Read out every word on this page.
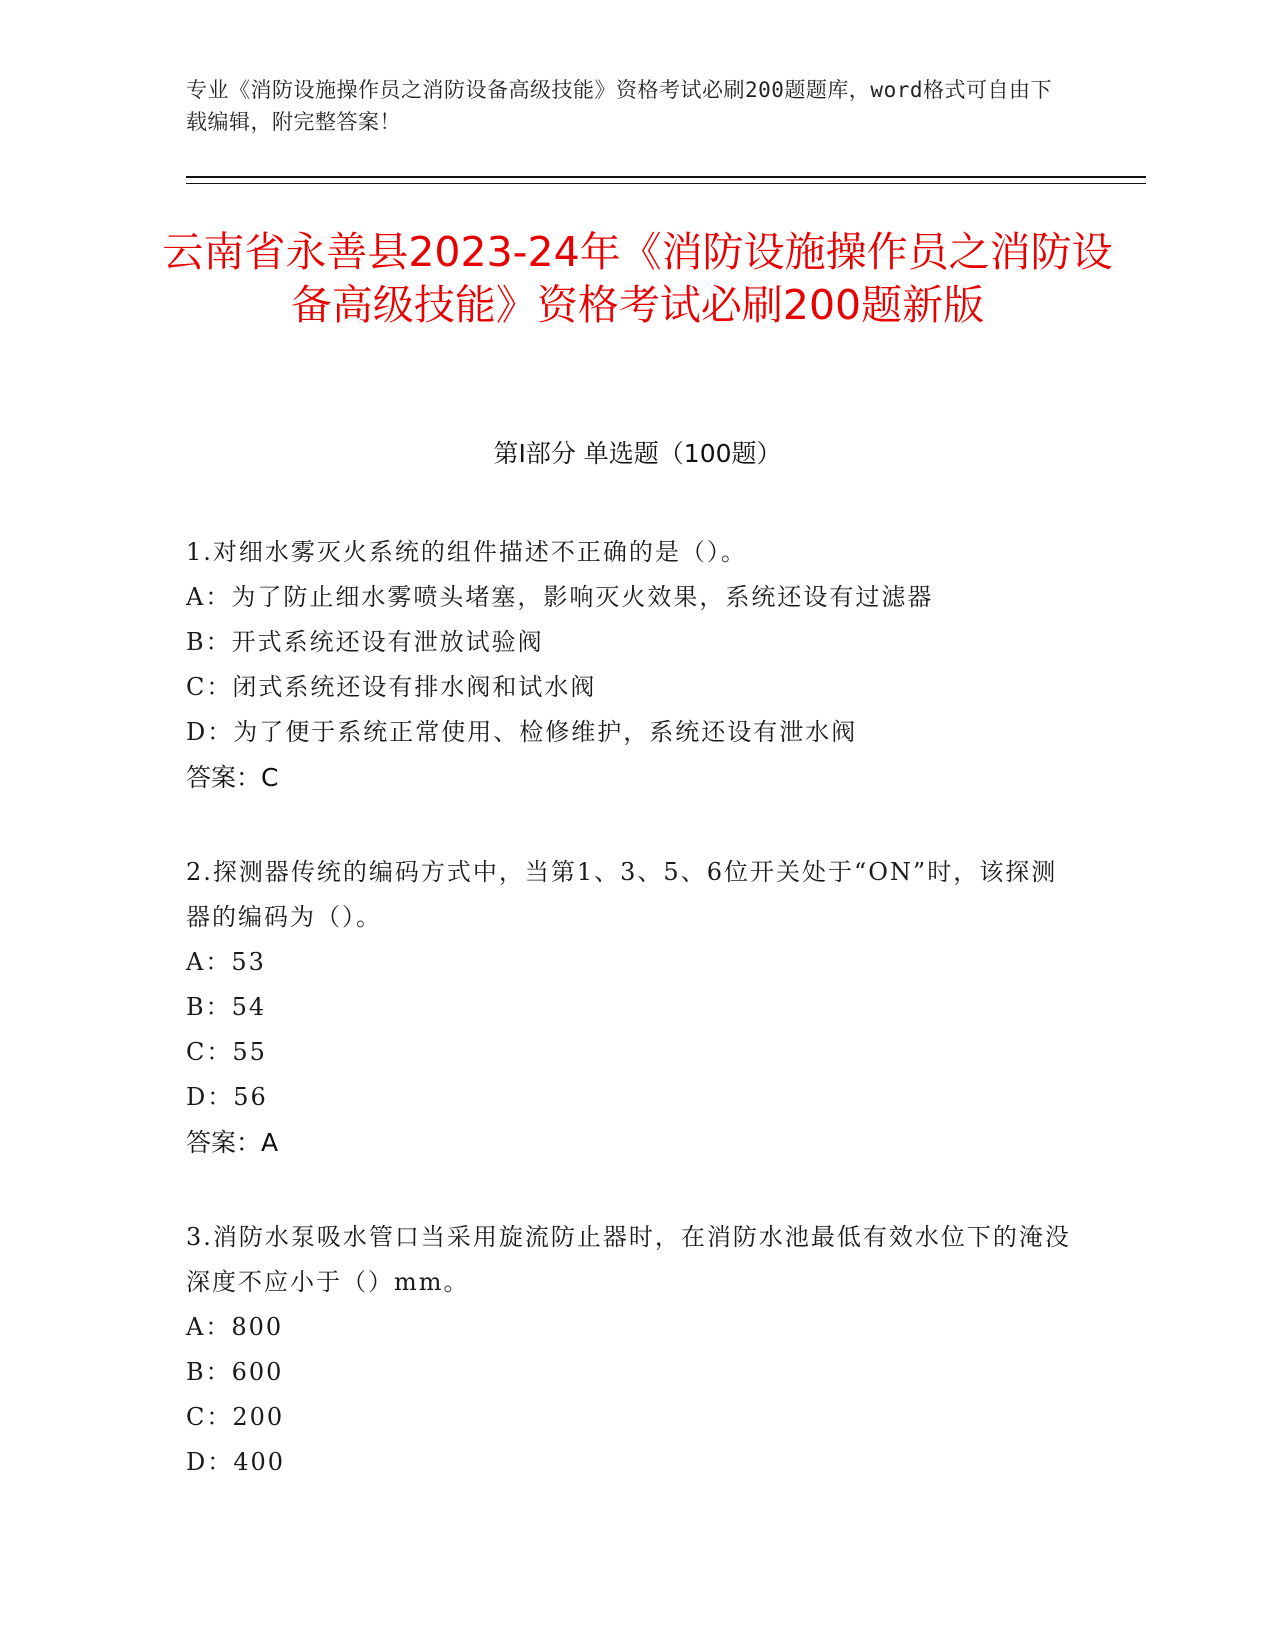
专业《消防设施操作员之消防设备高级技能》资格考试必刷200题题库，word格式可自由下载编辑，附完整答案！
云南省永善县2023-24年《消防设施操作员之消防设备高级技能》资格考试必刷200题新版
第Ⅰ部分 单选题（100题）

1.对细水雾灭火系统的组件描述不正确的是（）。

A：为了防止细水雾喷头堵塞，影响灭火效果，系统还设有过滤器

B：开式系统还设有泄放试验阀

C：闭式系统还设有排水阀和试水阀

D：为了便于系统正常使用、检修维护，系统还设有泄水阀

答案：C

2.探测器传统的编码方式中，当第1、3、5、6位开关处于“ON”时，该探测器的编码为（）。

A：53

B：54

C：55

D：56

答案：A

3.消防水泵吸水管口当采用旋流防止器时，在消防水池最低有效水位下的淹没深度不应小于（）mm。

A：800

B：600

C：200

D：400
